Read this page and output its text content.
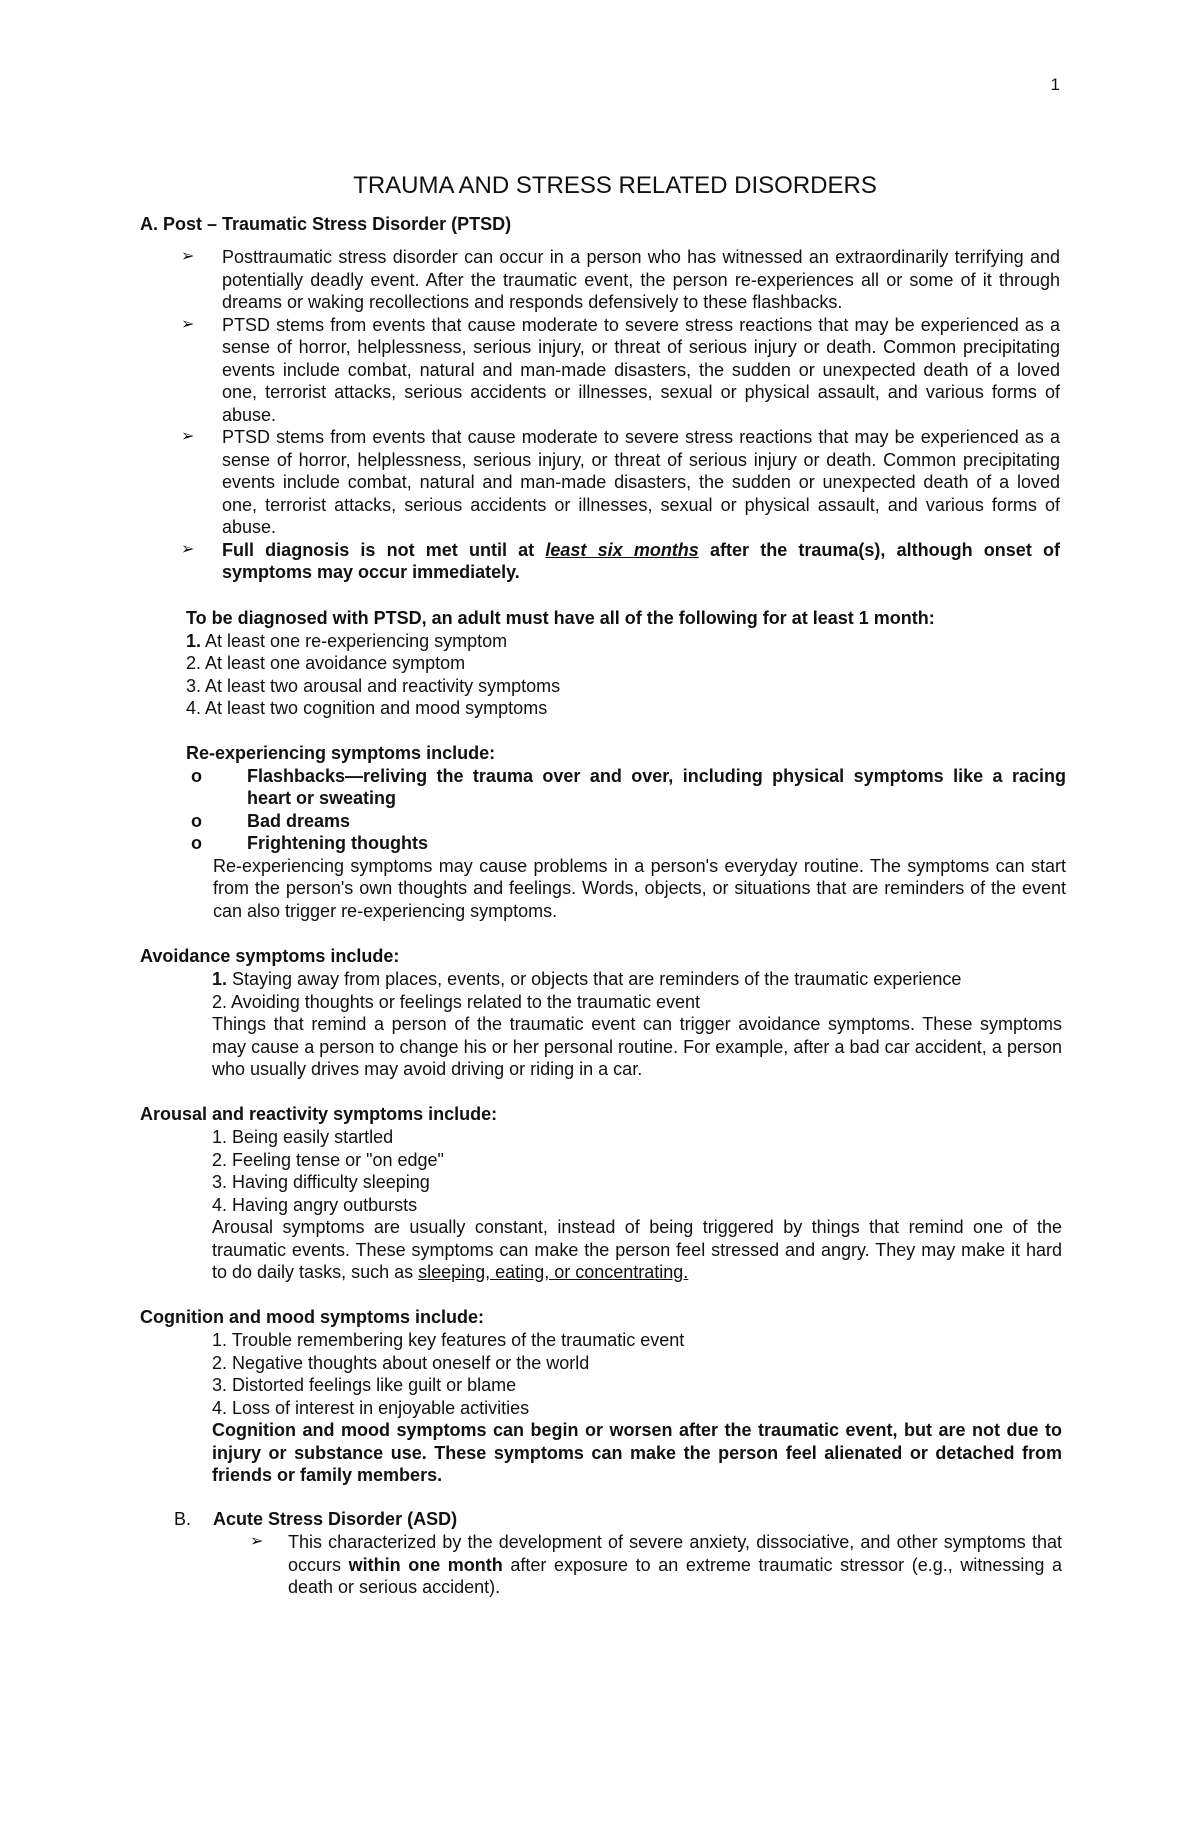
1
TRAUMA AND STRESS RELATED DISORDERS
A. Post – Traumatic Stress Disorder (PTSD)
➢ Posttraumatic stress disorder can occur in a person who has witnessed an extraordinarily terrifying and potentially deadly event. After the traumatic event, the person re-experiences all or some of it through dreams or waking recollections and responds defensively to these flashbacks.
➢ PTSD stems from events that cause moderate to severe stress reactions that may be experienced as a sense of horror, helplessness, serious injury, or threat of serious injury or death. Common precipitating events include combat, natural and man-made disasters, the sudden or unexpected death of a loved one, terrorist attacks, serious accidents or illnesses, sexual or physical assault, and various forms of abuse.
➢ PTSD stems from events that cause moderate to severe stress reactions that may be experienced as a sense of horror, helplessness, serious injury, or threat of serious injury or death. Common precipitating events include combat, natural and man-made disasters, the sudden or unexpected death of a loved one, terrorist attacks, serious accidents or illnesses, sexual or physical assault, and various forms of abuse.
➢ Full diagnosis is not met until at least six months after the trauma(s), although onset of symptoms may occur immediately.

To be diagnosed with PTSD, an adult must have all of the following for at least 1 month:

1. At least one re-experiencing symptom

2. At least one avoidance symptom

3. At least two arousal and reactivity symptoms

4. At least two cognition and mood symptoms

Re-experiencing symptoms include:

o	Flashbacks—reliving the trauma over and over, including physical symptoms like a racing heart or sweating
o	Bad dreams
o	Frightening thoughts

Re-experiencing symptoms may cause problems in a person's everyday routine. The symptoms can start from the person's own thoughts and feelings. Words, objects, or situations that are reminders of the event can also trigger re-experiencing symptoms.

Avoidance symptoms include:

1. Staying away from places, events, or objects that are reminders of the traumatic experience

2. Avoiding thoughts or feelings related to the traumatic event

Things that remind a person of the traumatic event can trigger avoidance symptoms. These symptoms may cause a person to change his or her personal routine. For example, after a bad car accident, a person who usually drives may avoid driving or riding in a car.

Arousal and reactivity symptoms include:

1. Being easily startled

2. Feeling tense or "on edge"

3. Having difficulty sleeping

4. Having angry outbursts

Arousal symptoms are usually constant, instead of being triggered by things that remind one of the traumatic events. These symptoms can make the person feel stressed and angry. They may make it hard to do daily tasks, such as sleeping, eating, or concentrating.

Cognition and mood symptoms include:

1. Trouble remembering key features of the traumatic event

2. Negative thoughts about oneself or the world

3. Distorted feelings like guilt or blame

4. Loss of interest in enjoyable activities

Cognition and mood symptoms can begin or worsen after the traumatic event, but are not due to injury or substance use. These symptoms can make the person feel alienated or detached from friends or family members.

B. Acute Stress Disorder (ASD)
➢ This characterized by the development of severe anxiety, dissociative, and other symptoms that occurs within one month after exposure to an extreme traumatic stressor (e.g., witnessing a death or serious accident).
